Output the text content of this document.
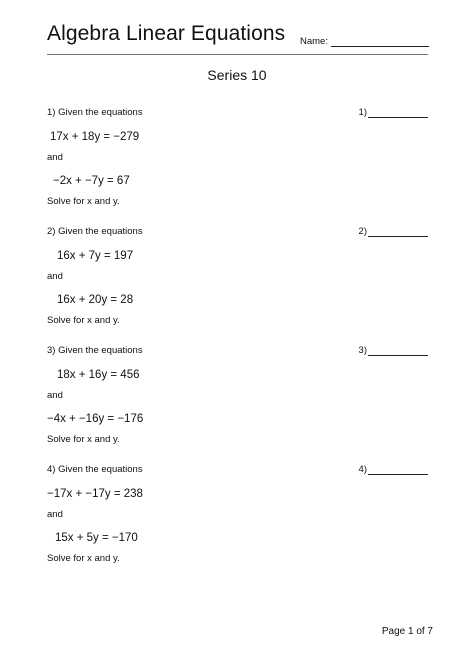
Algebra Linear Equations Name:
Series 10
1) Given the equations	1)
17x + 18y = −279
and
−2x + −7y = 67
Solve for x and y.
2) Given the equations	2)
16x + 7y = 197
and
16x + 20y = 28
Solve for x and y.
3) Given the equations	3)
18x + 16y = 456
and
−4x + −16y = −176
Solve for x and y.
4) Given the equations	4)
−17x + −17y = 238
and
15x + 5y = −170
Solve for x and y.
Page 1 of 7
